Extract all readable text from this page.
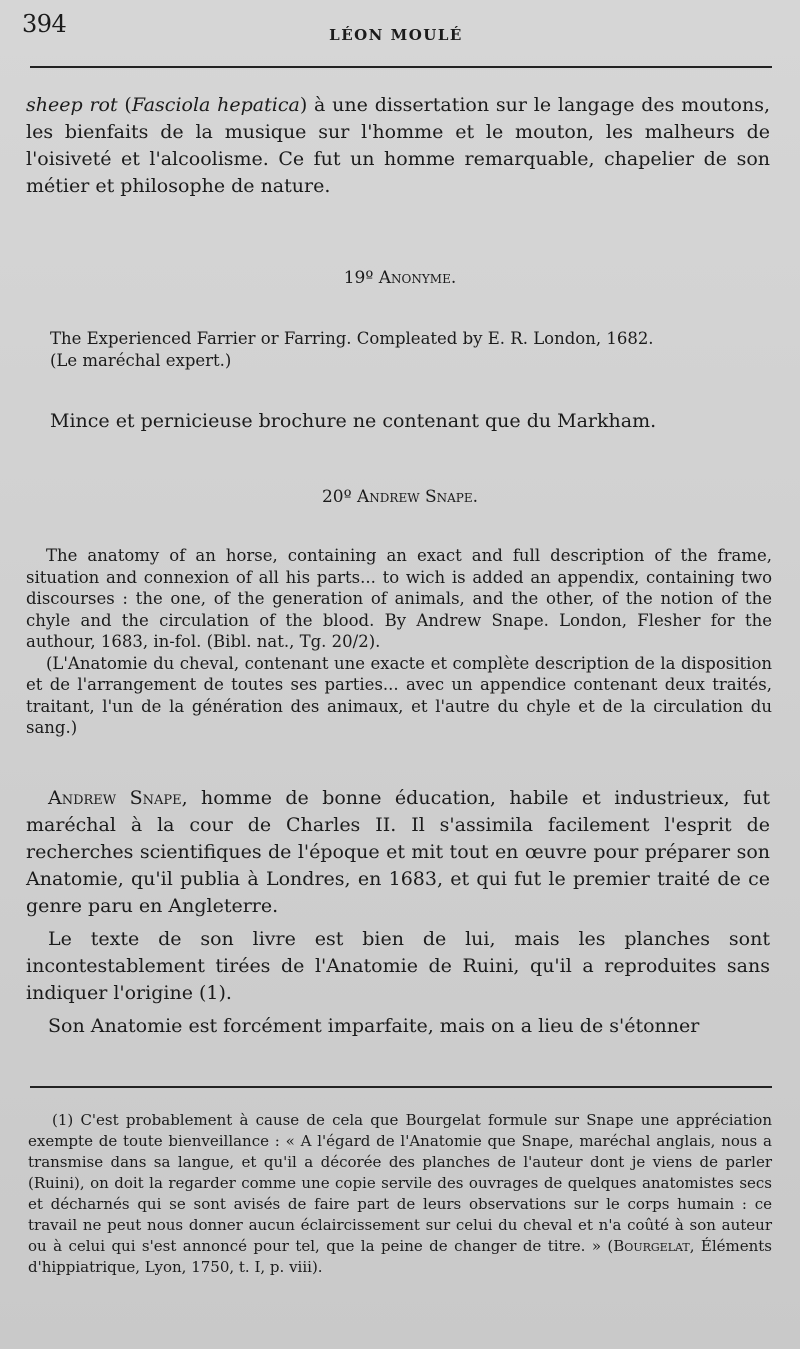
394	LÉON MOULÉ

sheep rot (Fasciola hepatica) à une dissertation sur le langage des moutons, les bienfaits de la musique sur l'homme et le mouton, les malheurs de l'oisiveté et l'alcoolisme. Ce fut un homme remarquable, chapelier de son métier et philosophe de nature.

19º Anonyme.

The Experienced Farrier or Farring. Compleated by E. R. London, 1682.

(Le maréchal expert.)

Mince et pernicieuse brochure ne contenant que du Markham.

20º Andrew Snape.

The anatomy of an horse, containing an exact and full description of the frame, situation and connexion of all his parts... to wich is added an appendix, containing two discourses : the one, of the generation of animals, and the other, of the notion of the chyle and the circulation of the blood. By Andrew Snape. London, Flesher for the authour, 1683, in-fol. (Bibl. nat., Tg. 20/2).

(L'Anatomie du cheval, contenant une exacte et complète description de la disposition et de l'arrangement de toutes ses parties... avec un appendice contenant deux traités, traitant, l'un de la génération des animaux, et l'autre du chyle et de la circulation du sang.)

Andrew Snape, homme de bonne éducation, habile et industrieux, fut maréchal à la cour de Charles II. Il s'assimila facilement l'esprit de recherches scientifiques de l'époque et mit tout en œuvre pour préparer son Anatomie, qu'il publia à Londres, en 1683, et qui fut le premier traité de ce genre paru en Angleterre.

Le texte de son livre est bien de lui, mais les planches sont incontestablement tirées de l'Anatomie de Ruini, qu'il a reproduites sans indiquer l'origine (1).

Son Anatomie est forcément imparfaite, mais on a lieu de s'étonner

(1) C'est probablement à cause de cela que Bourgelat formule sur Snape une appréciation exempte de toute bienveillance : « A l'égard de l'Anatomie que Snape, maréchal anglais, nous a transmise dans sa langue, et qu'il a décorée des planches de l'auteur dont je viens de parler (Ruini), on doit la regarder comme une copie servile des ouvrages de quelques anatomistes secs et décharnés qui se sont avisés de faire part de leurs observations sur le corps humain : ce travail ne peut nous donner aucun éclaircissement sur celui du cheval et n'a coûté à son auteur ou à celui qui s'est annoncé pour tel, que la peine de changer de titre. » (Bourgelat, Éléments d'hippiatrique, Lyon, 1750, t. I, p. viii).
